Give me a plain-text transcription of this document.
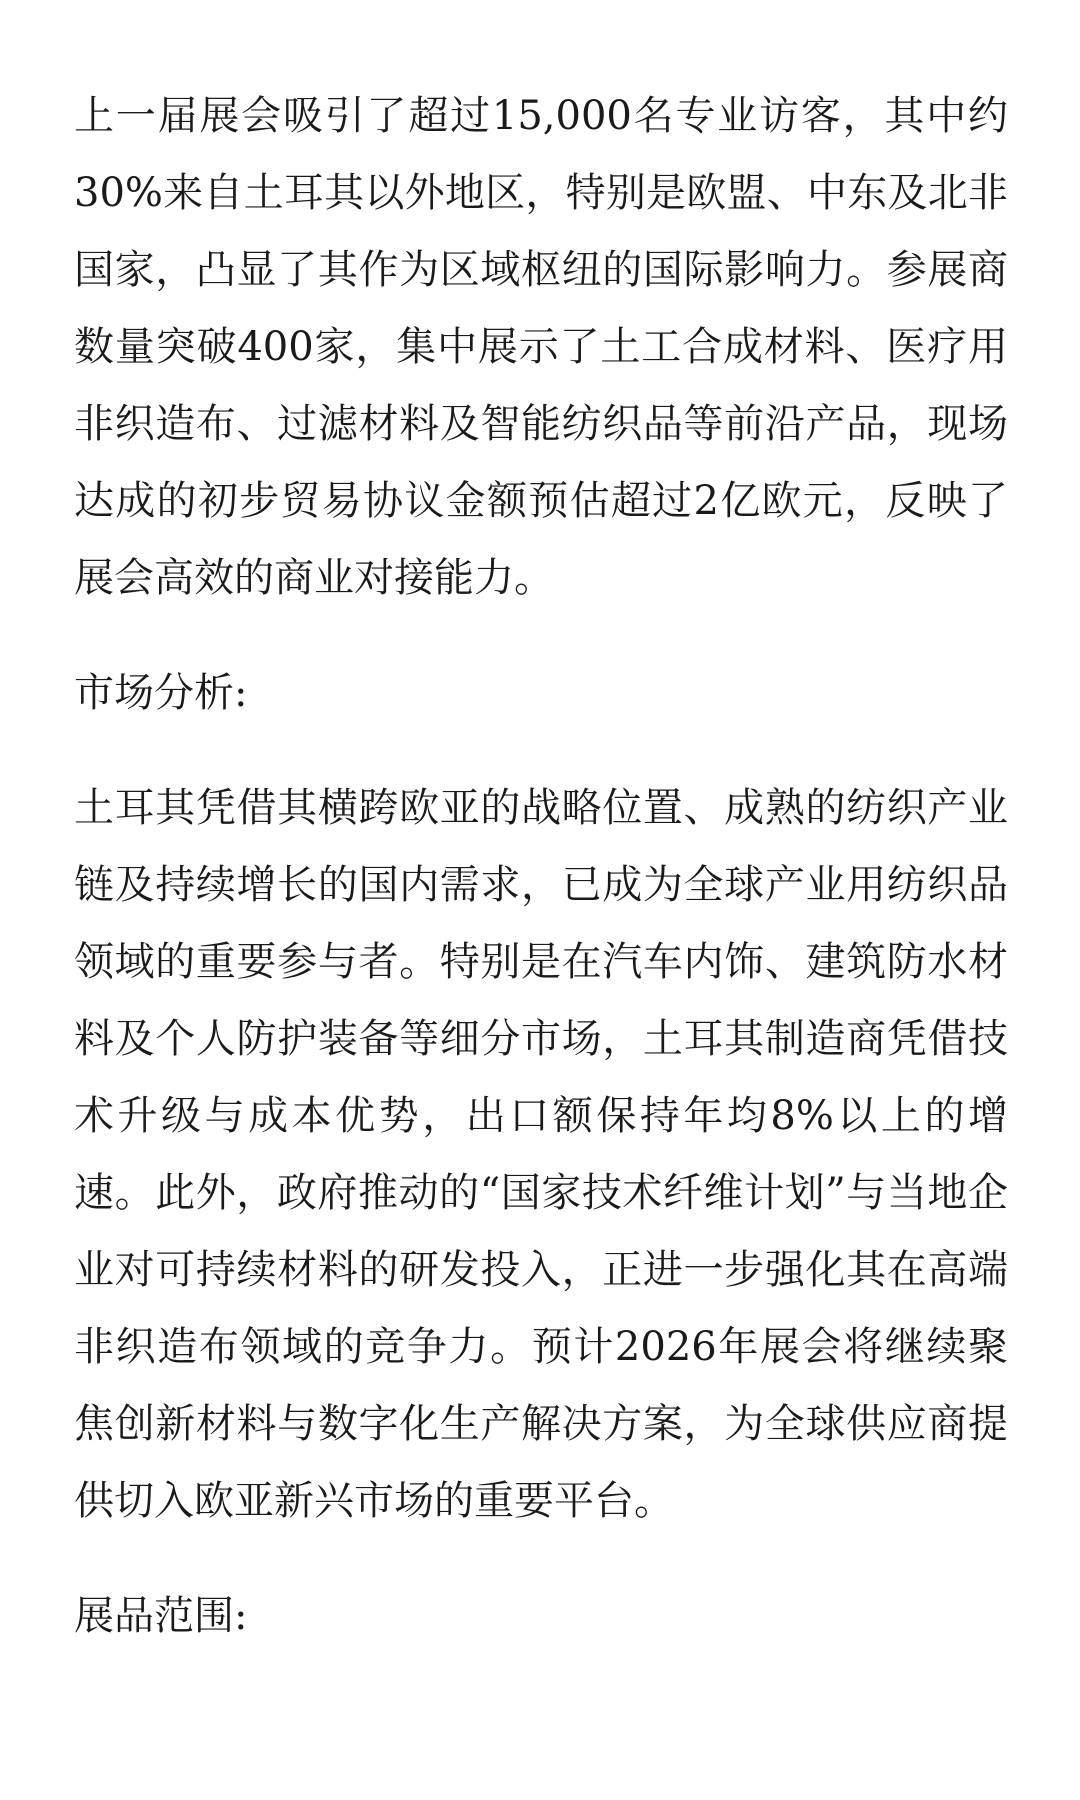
上一届展会吸引了超过15,000名专业访客，其中约30%来自土耳其以外地区，特别是欧盟、中东及北非国家，凸显了其作为区域枢纽的国际影响力。参展商数量突破400家，集中展示了土工合成材料、医疗用非织造布、过滤材料及智能纺织品等前沿产品，现场达成的初步贸易协议金额预估超过2亿欧元，反映了展会高效的商业对接能力。

市场分析:

土耳其凭借其横跨欧亚的战略位置、成熟的纺织产业链及持续增长的国内需求，已成为全球产业用纺织品领域的重要参与者。特别是在汽车内饰、建筑防水材料及个人防护装备等细分市场，土耳其制造商凭借技术升级与成本优势，出口额保持年均8%以上的增速。此外，政府推动的“国家技术纤维计划”与当地企业对可持续材料的研发投入，正进一步强化其在高端非织造布领域的竞争力。预计2026年展会将继续聚焦创新材料与数字化生产解决方案，为全球供应商提供切入欧亚新兴市场的重要平台。

展品范围:
